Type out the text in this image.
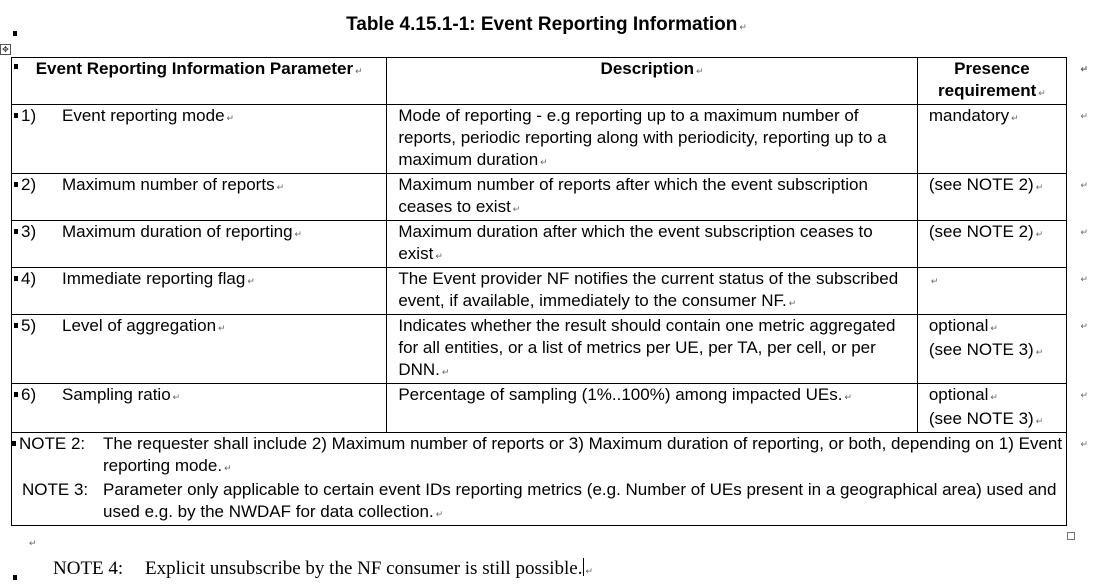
Table 4.15.1-1: Event Reporting Information ↵
✥
Event Reporting Information Parameter ↵	Description ↵	Presence requirement ↵
↵

1) Event reporting mode ↵	Mode of reporting - e.g reporting up to a maximum number of reports, periodic reporting along with periodicity, reporting up to a maximum duration ↵	mandatory ↵ ↵

2) Maximum number of reports ↵	Maximum number of reports after which the event subscription ceases to exist ↵	(see NOTE 2) ↵ ↵

3) Maximum duration of reporting ↵	Maximum duration after which the event subscription ceases to exist ↵	(see NOTE 2) ↵ ↵

4) Immediate reporting flag ↵	The Event provider NF notifies the current status of the subscribed event, if available, immediately to the consumer NF. ↵	↵ ↵

5) Level of aggregation ↵	Indicates whether the result should contain one metric aggregated for all entities, or a list of metrics per UE, per TA, per cell, or per DNN. ↵	optional ↵
(see NOTE 3) ↵
↵

6) Sampling ratio ↵	Percentage of sampling (1%..100%) among impacted UEs. ↵	optional ↵
(see NOTE 3) ↵
↵

NOTE 2: The requester shall include 2) Maximum number of reports or 3) Maximum duration of reporting, or both, depending on 1) Event reporting mode. ↵
↵
NOTE 3: Parameter only applicable to certain event IDs reporting metrics (e.g. Number of UEs present in a geographical area) used and used e.g. by the NWDAF for data collection. ↵		
↵
NOTE 4: Explicit unsubscribe by the NF consumer is still possible. ↵
